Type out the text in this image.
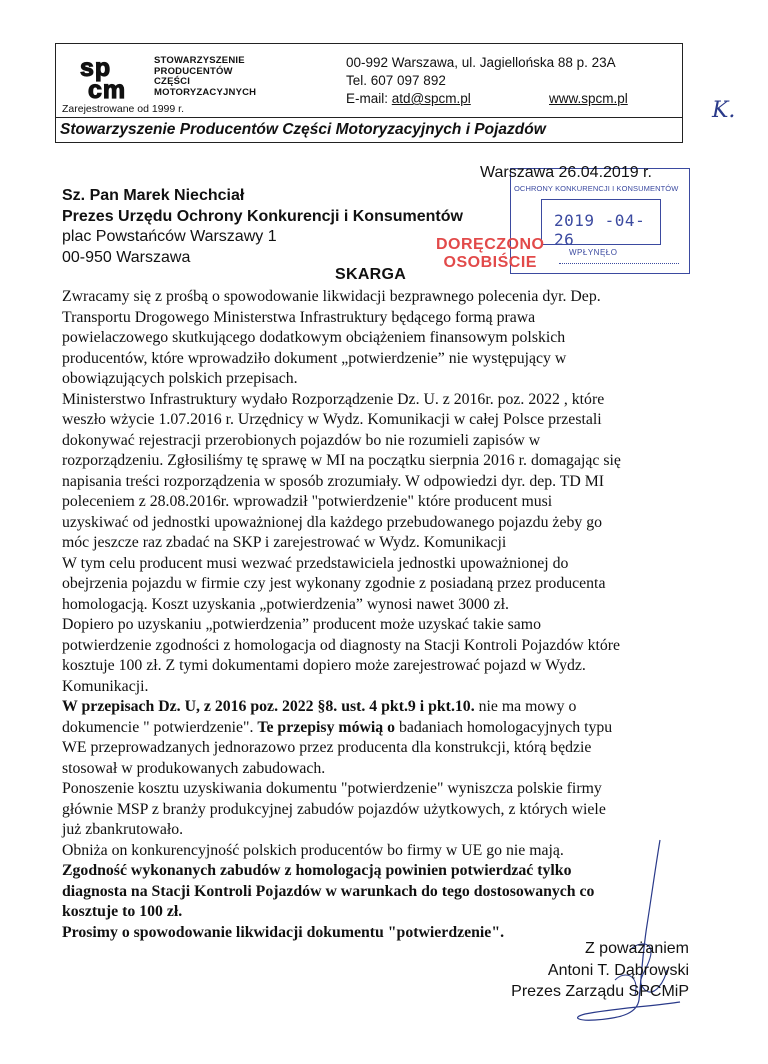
sp
cm
STOWARZYSZENIE
PRODUCENTÓW
CZĘŚCI
MOTORYZACYJNYCH
Zarejestrowane od 1999 r.
00-992 Warszawa, ul. Jagiellońska 88 p. 23A
Tel. 607 097 892
E-mail: atd@spcm.pl	www.spcm.pl
Stowarzyszenie Producentów Części Motoryzacyjnych i Pojazdów
K.
OCHRONY KONKURENCJI I KONSUMENTÓW
2019 -04- 26
WPŁYNĘŁO
Warszawa 26.04.2019 r.
Sz. Pan Marek Niechciał
Prezes Urzędu Ochrony Konkurencji i Konsumentów
plac Powstańców Warszawy 1
00-950 Warszawa
DORĘCZONO
OSOBIŚCIE
SKARGA

Zwracamy się z prośbą o spowodowanie likwidacji bezprawnego polecenia dyr. Dep.

Transportu Drogowego Ministerstwa Infrastruktury będącego formą prawa

powielaczowego skutkującego dodatkowym obciążeniem finansowym polskich

producentów, które wprowadziło dokument „potwierdzenie” nie występujący w

obowiązujących polskich przepisach.

Ministerstwo Infrastruktury wydało Rozporządzenie Dz. U. z 2016r. poz. 2022 , które

weszło wżycie 1.07.2016 r. Urzędnicy w Wydz. Komunikacji w całej Polsce przestali

dokonywać rejestracji przerobionych pojazdów bo nie rozumieli zapisów w

rozporządzeniu. Zgłosiliśmy tę sprawę w MI na początku sierpnia 2016 r. domagając się

napisania treści rozporządzenia w sposób zrozumiały. W odpowiedzi dyr. dep. TD MI

poleceniem z 28.08.2016r. wprowadził "potwierdzenie" które producent musi

uzyskiwać od jednostki upoważnionej dla każdego przebudowanego pojazdu żeby go

móc jeszcze raz zbadać na SKP i zarejestrować w Wydz. Komunikacji

W tym celu producent musi wezwać przedstawiciela jednostki upoważnionej do

obejrzenia pojazdu w firmie czy jest wykonany zgodnie z posiadaną przez producenta

homologacją. Koszt uzyskania „potwierdzenia” wynosi nawet 3000 zł.

Dopiero po uzyskaniu „potwierdzenia” producent może uzyskać takie samo

potwierdzenie zgodności z homologacja od diagnosty na Stacji Kontroli Pojazdów które

kosztuje 100 zł. Z tymi dokumentami dopiero może zarejestrować pojazd w Wydz.

Komunikacji.

W przepisach Dz. U, z 2016 poz. 2022 §8. ust. 4 pkt.9 i pkt.10. nie ma mowy o

dokumencie " potwierdzenie". Te przepisy mówią o badaniach homologacyjnych typu

WE przeprowadzanych jednorazowo przez producenta dla konstrukcji, którą będzie

stosował w produkowanych zabudowach.

Ponoszenie kosztu uzyskiwania dokumentu "potwierdzenie" wyniszcza polskie firmy

głównie MSP z branży produkcyjnej zabudów pojazdów użytkowych, z których wiele

już zbankrutowało.

Obniża on konkurencyjność polskich producentów bo firmy w UE go nie mają.

Zgodność wykonanych zabudów z homologacją powinien potwierdzać tylko

diagnosta na Stacji Kontroli Pojazdów w warunkach do tego dostosowanych co

kosztuje to 100 zł.

Prosimy o spowodowanie likwidacji dokumentu "potwierdzenie".

Z poważaniem
Antoni T. Dąbrowski
Prezes Zarządu SPCMiP
